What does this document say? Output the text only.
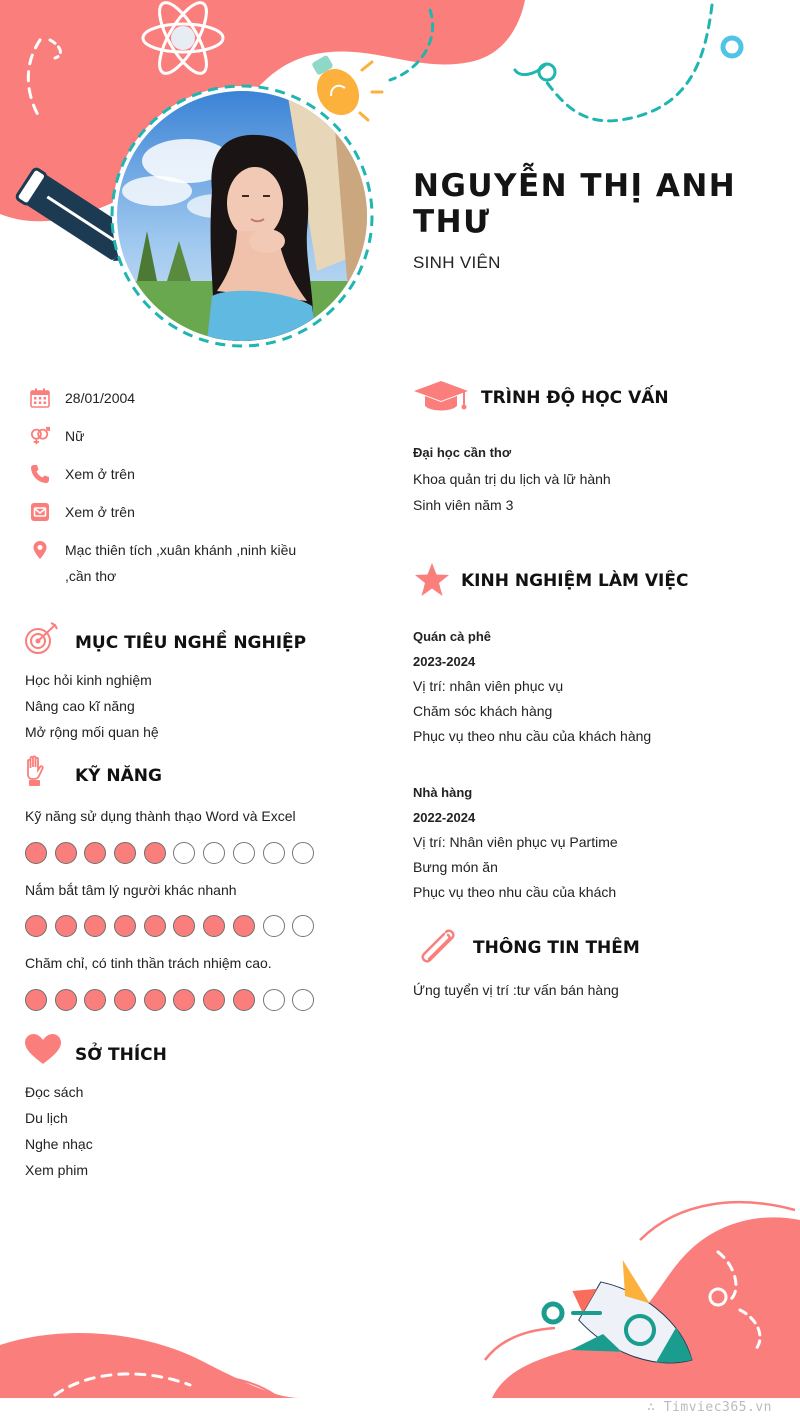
NGUYỄN THỊ ANH THƯ
SINH VIÊN
28/01/2004
Nữ
Xem ở trên
Xem ở trên
Mạc thiên tích ,xuân khánh ,ninh kiều ,cần thơ
MỤC TIÊU NGHỀ NGHIỆP
Học hỏi kinh nghiệm
Nâng cao kĩ năng
Mở rộng mối quan hệ
KỸ NĂNG
Kỹ năng sử dụng thành thạo Word và Excel
Nắm bắt tâm lý người khác nhanh
Chăm chỉ, có tinh thần trách nhiệm cao.
SỞ THÍCH
Đọc sách
Du lịch
Nghe nhạc
Xem phim
TRÌNH ĐỘ HỌC VẤN
Đại học cần thơ
Khoa quản trị du lịch và lữ hành
Sinh viên năm 3
KINH NGHIỆM LÀM VIỆC
Quán cà phê
2023-2024
Vị trí: nhân viên phục vụ
Chăm sóc khách hàng
Phục vụ theo nhu cầu của khách hàng
Nhà hàng
2022-2024
Vị trí: Nhân viên phục vụ Partime
Bưng món ăn
Phục vụ theo nhu cầu của khách
THÔNG TIN THÊM
Ứng tuyển vị trí :tư vấn bán hàng
∴ Timviec365.vn
